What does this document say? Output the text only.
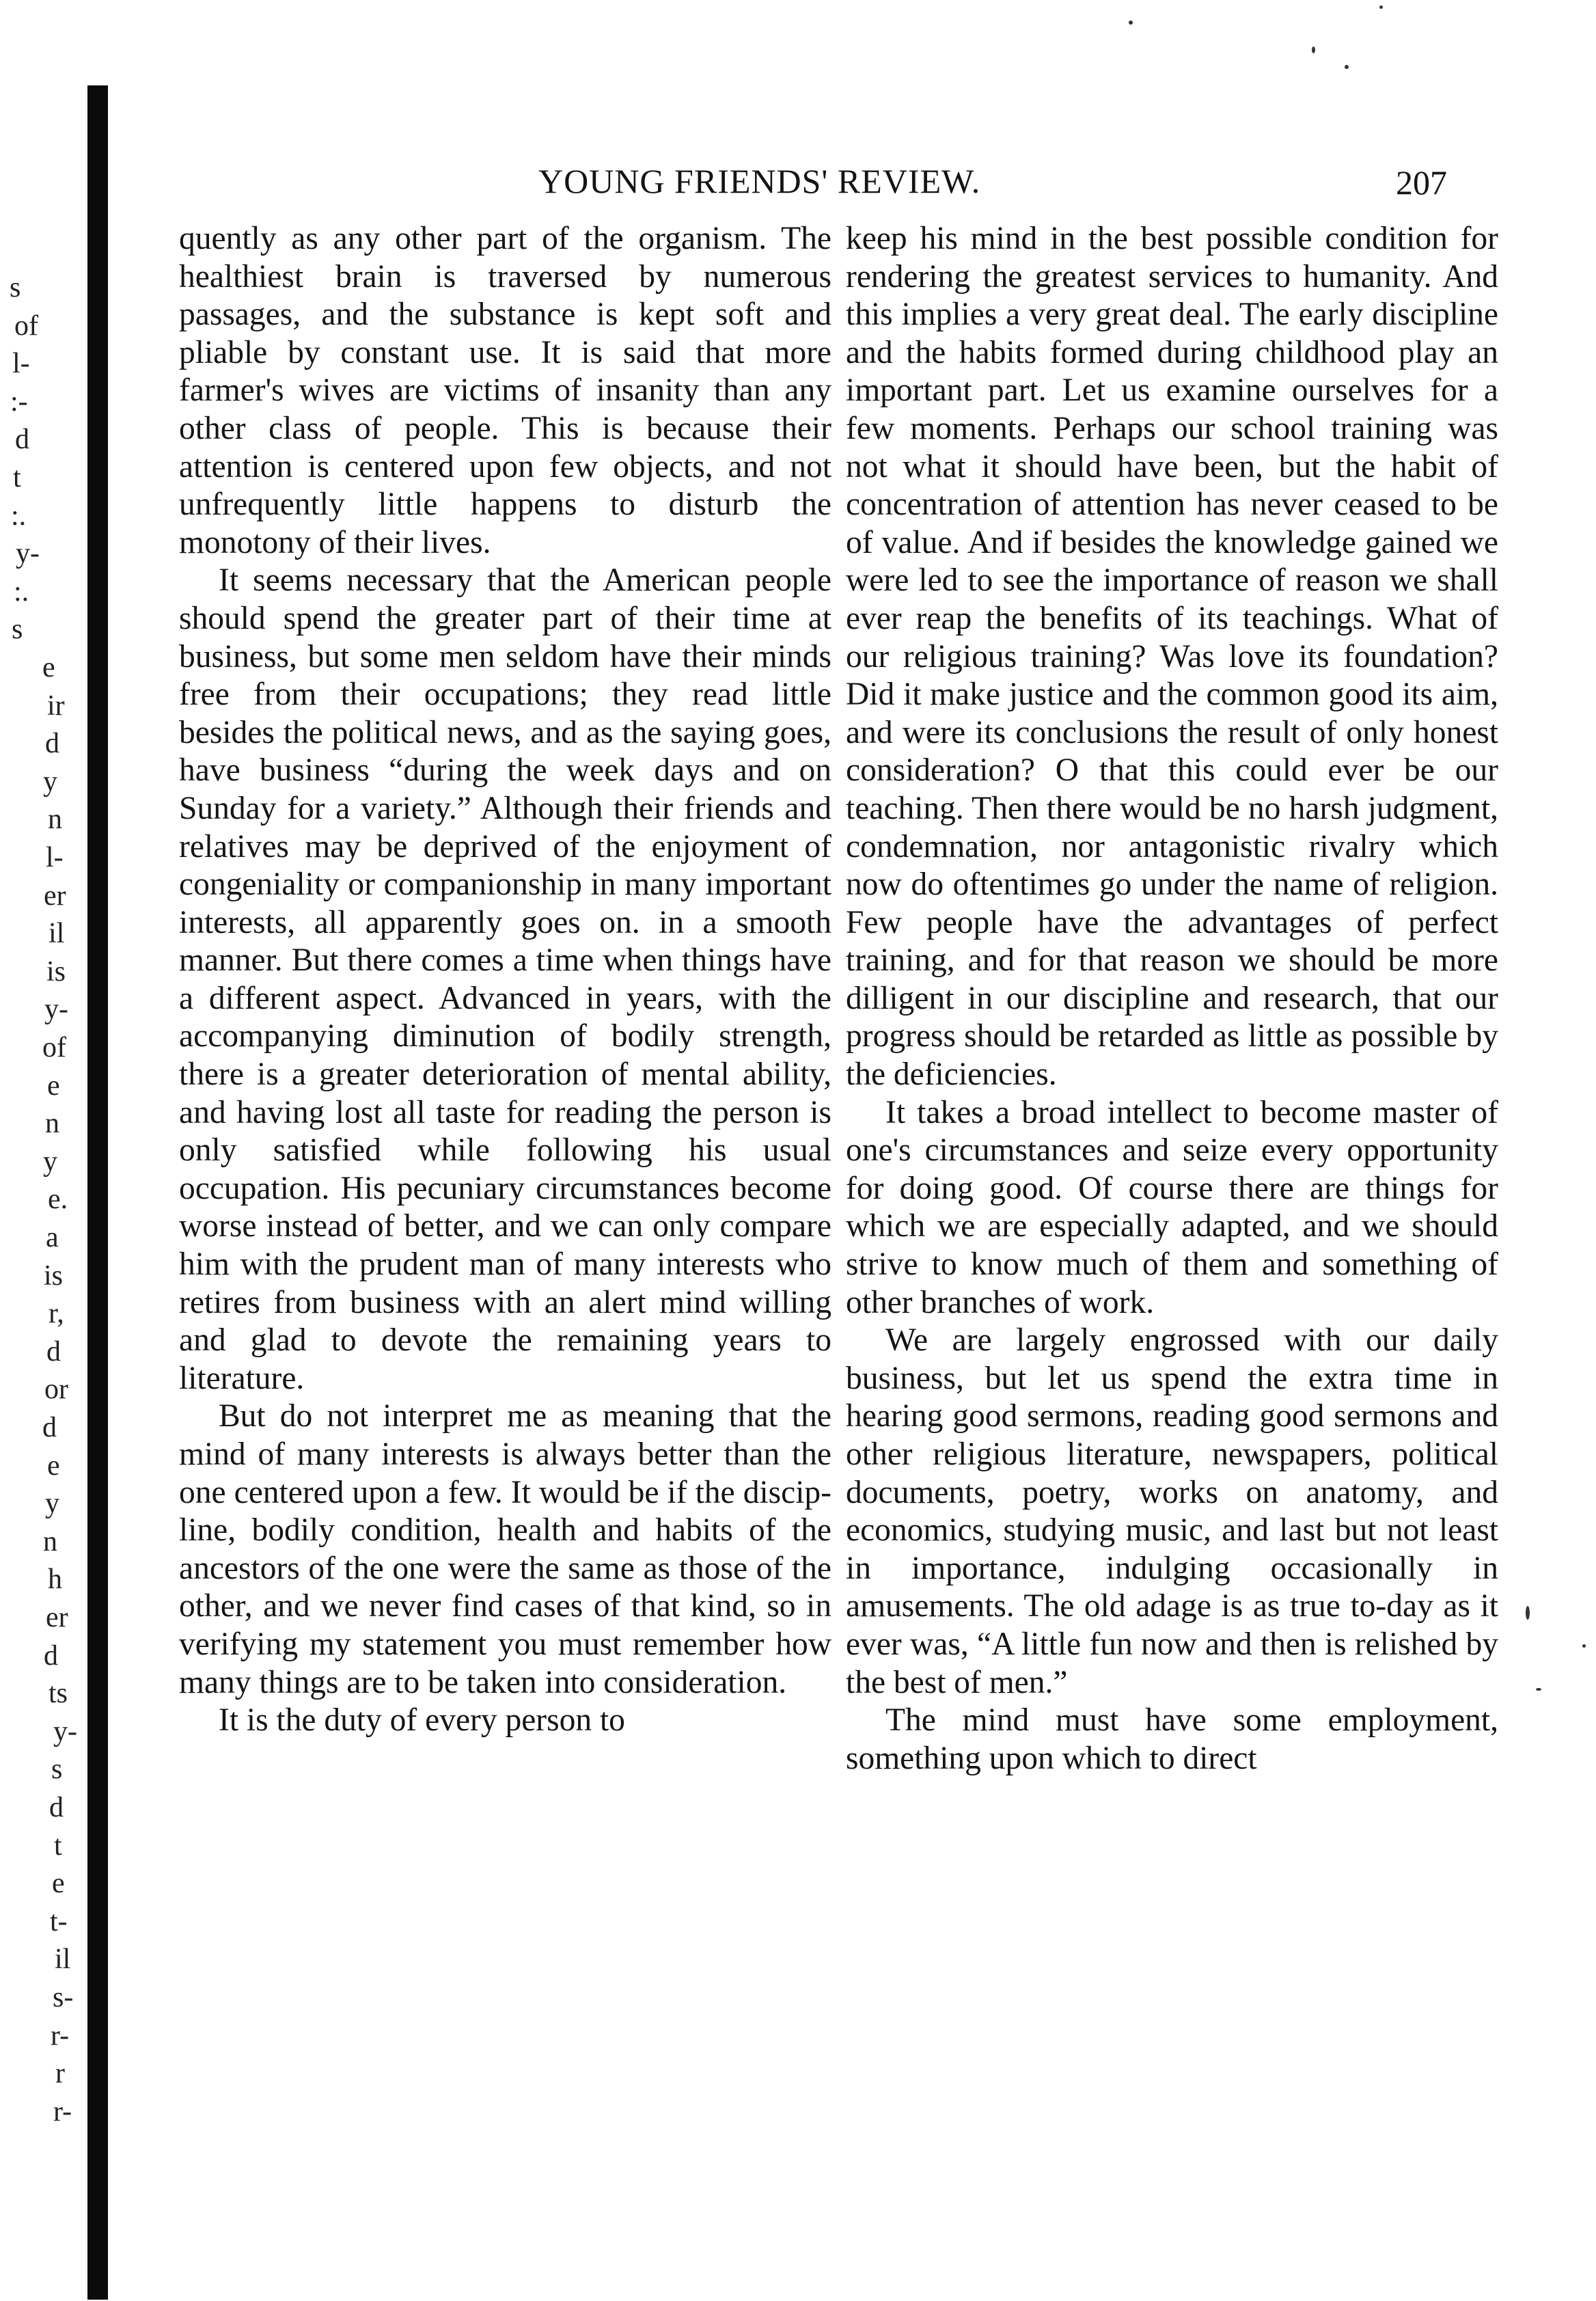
s
of
l-
:-
d
t
:.
y-
:.
s
e
ir
d
y
n
l-
er
il
is
y-
of
e
n
y
e.
a
is
r,
d
or
d
e
y
n
h
er
d
ts
y-
s
d
t
e
t-
il
s-
r-
r
r-
YOUNG FRIENDS' REVIEW.	207

quently as any other part of the organism. The healthiest brain is traversed by numerous passages, and the substance is kept soft and pliable by constant use. It is said that more farmer's wives are victims of insanity than any other class of people. This is because their attention is centered upon few objects, and not unfrequently little happens to disturb the monotony of their lives.

It seems necessary that the American people should spend the greater part of their time at business, but some men seldom have their minds free from their occupations; they read little besides the political news, and as the saying goes, have business “during the week days and on Sunday for a variety.” Although their friends and relatives may be deprived of the enjoyment of congeniality or companionship in many important interests, all apparently goes on. in a smooth manner. But there comes a time when things have a different aspect. Advanced in years, with the accompanying diminution of bodily strength, there is a greater deterioration of mental ability, and having lost all taste for reading the person is only satisfied while following his usual occupation. His pecuniary circumstances become worse instead of better, and we can only compare him with the prudent man of many interests who retires from business with an alert mind willing and glad to devote the remaining years to literature.

But do not interpret me as meaning that the mind of many interests is always better than the one centered upon a few. It would be if the discipline, bodily condition, health and habits of the ancestors of the one were the same as those of the other, and we never find cases of that kind, so in verifying my statement you must remember how many things are to be taken into consideration.

It is the duty of every person to

keep his mind in the best possible condition for rendering the greatest services to humanity. And this implies a very great deal. The early discipline and the habits formed during childhood play an important part. Let us examine ourselves for a few moments. Perhaps our school training was not what it should have been, but the habit of concentration of attention has never ceased to be of value. And if besides the knowledge gained we were led to see the importance of reason we shall ever reap the benefits of its teachings. What of our religious training? Was love its foundation? Did it make justice and the common good its aim, and were its conclusions the result of only honest consideration? O that this could ever be our teaching. Then there would be no harsh judgment, condemnation, nor antagonistic rivalry which now do oftentimes go under the name of religion. Few people have the advantages of perfect training, and for that reason we should be more dilligent in our discipline and research, that our progress should be retarded as little as possible by the deficiencies.

It takes a broad intellect to become master of one's circumstances and seize every opportunity for doing good. Of course there are things for which we are especially adapted, and we should strive to know much of them and something of other branches of work.

We are largely engrossed with our daily business, but let us spend the extra time in hearing good sermons, reading good sermons and other religious literature, newspapers, political documents, poetry, works on anatomy, and economics, studying music, and last but not least in importance, indulging occasionally in amusements. The old adage is as true to-day as it ever was, “A little fun now and then is relished by the best of men.”

The mind must have some employment, something upon which to direct
